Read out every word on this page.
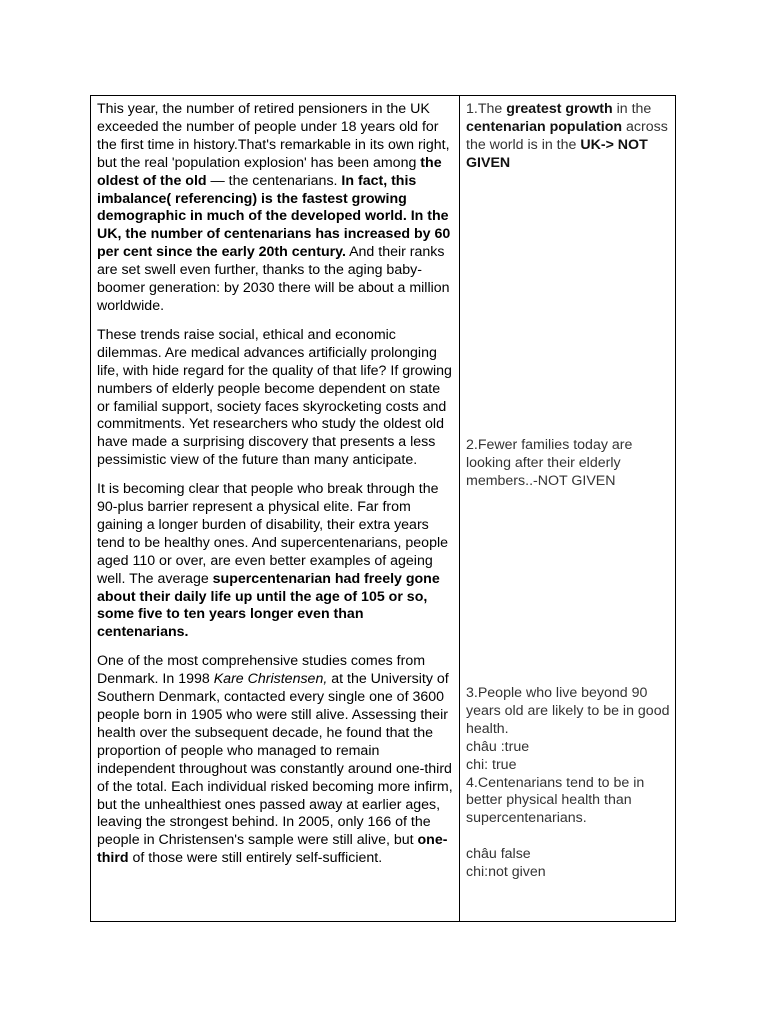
This year, the number of retired pensioners in the UK exceeded the number of people under 18 years old for the first time in history.That's remarkable in its own right, but the real 'population explosion' has been among the oldest of the old — the centenarians. In fact, this imbalance( referencing) is the fastest growing demographic in much of the developed world. In the UK, the number of centenarians has increased by 60 per cent since the early 20th century. And their ranks are set swell even further, thanks to the aging baby-boomer generation: by 2030 there will be about a million worldwide.

These trends raise social, ethical and economic dilemmas. Are medical advances artificially prolonging life, with hide regard for the quality of that life? If growing numbers of elderly people become dependent on state or familial support, society faces skyrocketing costs and commitments. Yet researchers who study the oldest old have made a surprising discovery that presents a less pessimistic view of the future than many anticipate.

It is becoming clear that people who break through the 90-plus barrier represent a physical elite. Far from gaining a longer burden of disability, their extra years tend to be healthy ones. And supercentenarians, people aged 110 or over, are even better examples of ageing well. The average supercentenarian had freely gone about their daily life up until the age of 105 or so, some five to ten years longer even than centenarians.

One of the most comprehensive studies comes from Denmark. In 1998 Kare Christensen, at the University of Southern Denmark, contacted every single one of 3600 people born in 1905 who were still alive. Assessing their health over the subsequent decade, he found that the proportion of people who managed to remain independent throughout was constantly around one-third of the total. Each individual risked becoming more infirm, but the unhealthiest ones passed away at earlier ages, leaving the strongest behind. In 2005, only 166 of the people in Christensen's sample were still alive, but one-third of those were still entirely self-sufficient.

1.The greatest growth in the centenarian population across the world is in the UK-> NOT GIVEN

2.Fewer families today are looking after their elderly members..-NOT GIVEN

3.People who live beyond 90 years old are likely to be in good health.
châu :true
chi: true
4.Centenarians tend to be in better physical health than supercentenarians.
châu false
chi:not given
